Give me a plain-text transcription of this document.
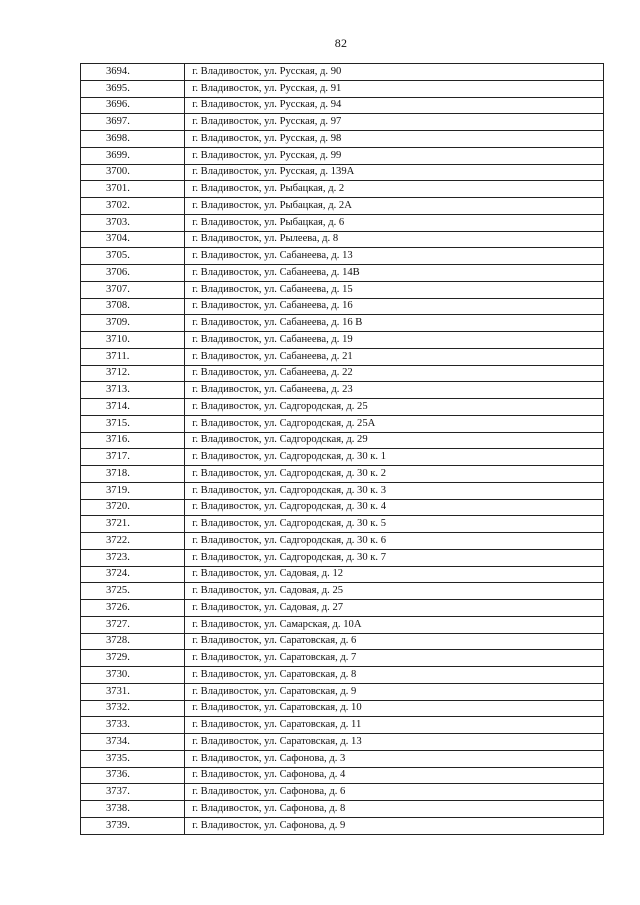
82
3694.	г. Владивосток, ул. Русская, д. 90
3695.	г. Владивосток, ул. Русская, д. 91
3696.	г. Владивосток, ул. Русская, д. 94
3697.	г. Владивосток, ул. Русская, д. 97
3698.	г. Владивосток, ул. Русская, д. 98
3699.	г. Владивосток, ул. Русская, д. 99
3700.	г. Владивосток, ул. Русская, д. 139А
3701.	г. Владивосток, ул. Рыбацкая, д. 2
3702.	г. Владивосток, ул. Рыбацкая, д. 2А
3703.	г. Владивосток, ул. Рыбацкая, д. 6
3704.	г. Владивосток, ул. Рылеева, д. 8
3705.	г. Владивосток, ул. Сабанеева, д. 13
3706.	г. Владивосток, ул. Сабанеева, д. 14В
3707.	г. Владивосток, ул. Сабанеева, д. 15
3708.	г. Владивосток, ул. Сабанеева, д. 16
3709.	г. Владивосток, ул. Сабанеева, д. 16 В
3710.	г. Владивосток, ул. Сабанеева, д. 19
3711.	г. Владивосток, ул. Сабанеева, д. 21
3712.	г. Владивосток, ул. Сабанеева, д. 22
3713.	г. Владивосток, ул. Сабанеева, д. 23
3714.	г. Владивосток, ул. Садгородская, д. 25
3715.	г. Владивосток, ул. Садгородская, д. 25А
3716.	г. Владивосток, ул. Садгородская, д. 29
3717.	г. Владивосток, ул. Садгородская, д. 30 к. 1
3718.	г. Владивосток, ул. Садгородская, д. 30 к. 2
3719.	г. Владивосток, ул. Садгородская, д. 30 к. 3
3720.	г. Владивосток, ул. Садгородская, д. 30 к. 4
3721.	г. Владивосток, ул. Садгородская, д. 30 к. 5
3722.	г. Владивосток, ул. Садгородская, д. 30 к. 6
3723.	г. Владивосток, ул. Садгородская, д. 30 к. 7
3724.	г. Владивосток, ул. Садовая, д. 12
3725.	г. Владивосток, ул. Садовая, д. 25
3726.	г. Владивосток, ул. Садовая, д. 27
3727.	г. Владивосток, ул. Самарская, д. 10А
3728.	г. Владивосток, ул. Саратовская, д. 6
3729.	г. Владивосток, ул. Саратовская, д. 7
3730.	г. Владивосток, ул. Саратовская, д. 8
3731.	г. Владивосток, ул. Саратовская, д. 9
3732.	г. Владивосток, ул. Саратовская, д. 10
3733.	г. Владивосток, ул. Саратовская, д. 11
3734.	г. Владивосток, ул. Саратовская, д. 13
3735.	г. Владивосток, ул. Сафонова, д. 3
3736.	г. Владивосток, ул. Сафонова, д. 4
3737.	г. Владивосток, ул. Сафонова, д. 6
3738.	г. Владивосток, ул. Сафонова, д. 8
3739.	г. Владивосток, ул. Сафонова, д. 9
